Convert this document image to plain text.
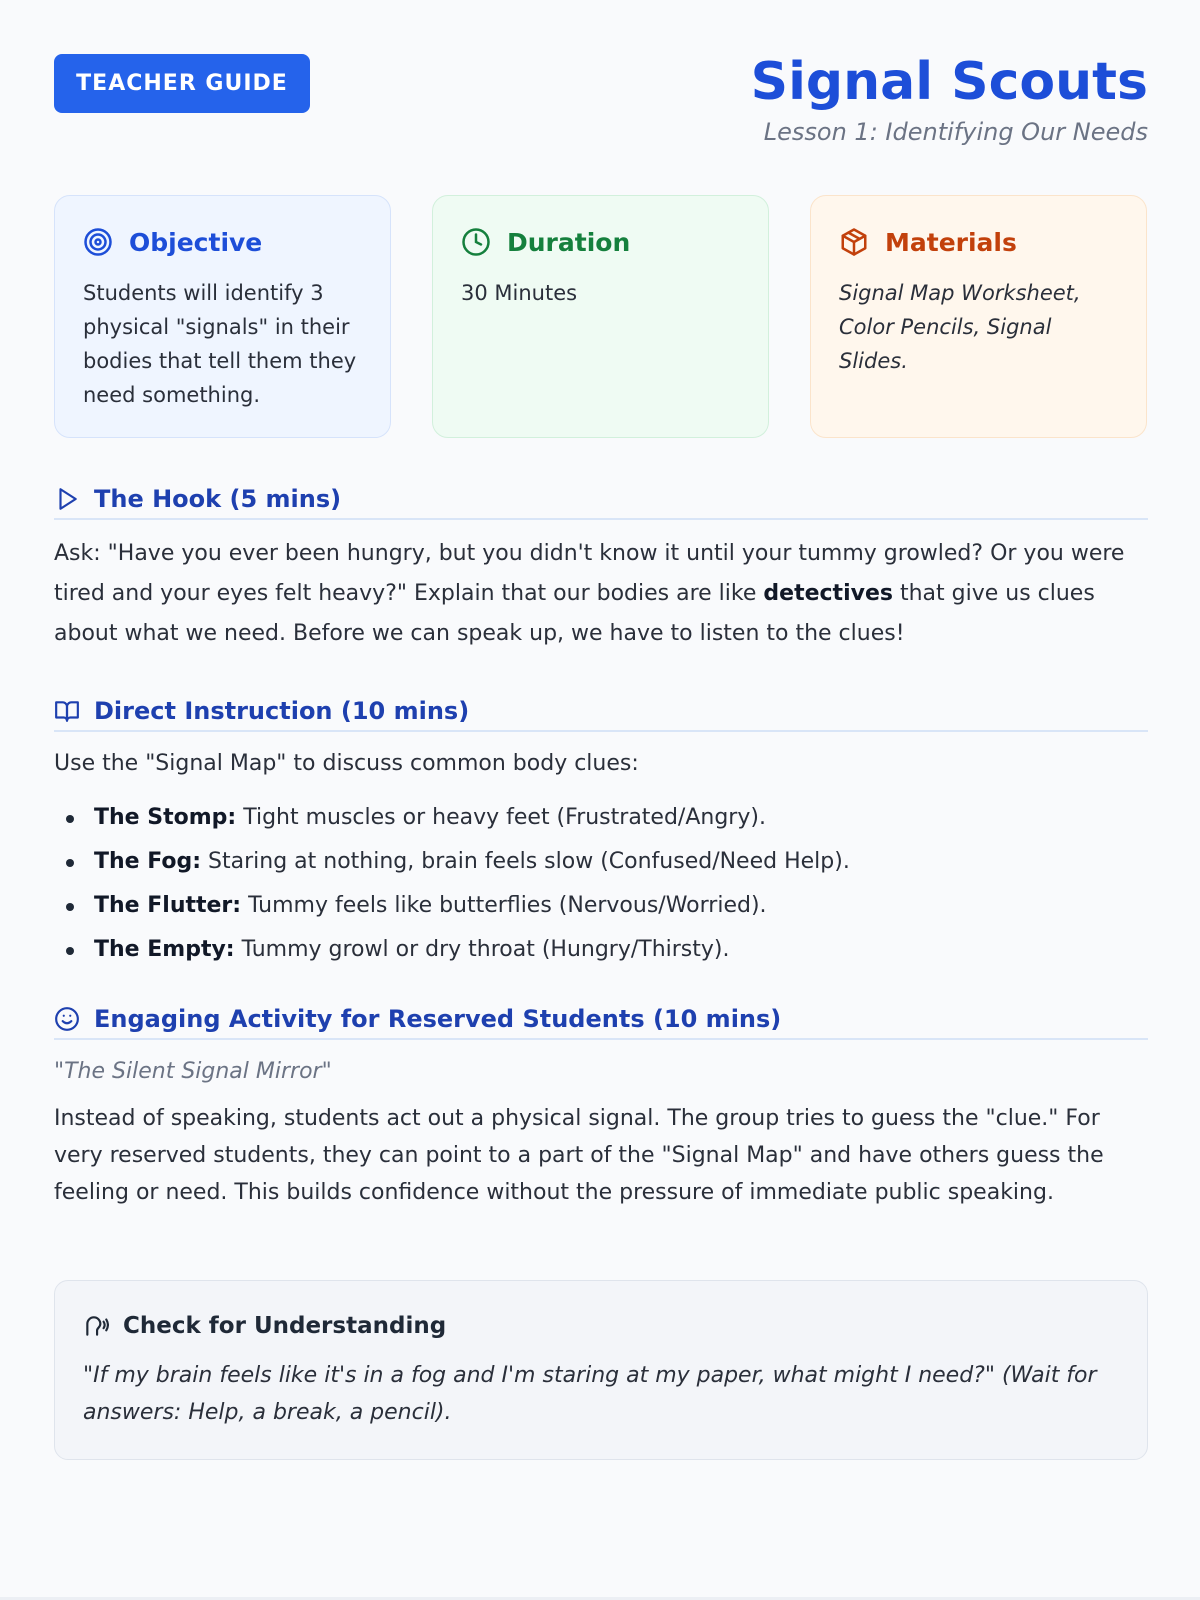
TEACHER GUIDE	Signal Scouts
Lesson 1: Identifying Our Needs
Objective
Students will identify 3 physical "signals" in their bodies that tell them they need something.
Duration
30 Minutes
Materials
Signal Map Worksheet, Color Pencils, Signal Slides.
The Hook (5 mins)

Ask: "Have you ever been hungry, but you didn't know it until your tummy growled? Or you were tired and your eyes felt heavy?" Explain that our bodies are like detectives that give us clues about what we need. Before we can speak up, we have to listen to the clues!

Direct Instruction (10 mins)

Use the "Signal Map" to discuss common body clues:

The Stomp: Tight muscles or heavy feet (Frustrated/Angry).
The Fog: Staring at nothing, brain feels slow (Confused/Need Help).
The Flutter: Tummy feels like butterflies (Nervous/Worried).
The Empty: Tummy growl or dry throat (Hungry/Thirsty).
Engaging Activity for Reserved Students (10 mins)

"The Silent Signal Mirror"

Instead of speaking, students act out a physical signal. The group tries to guess the "clue." For very reserved students, they can point to a part of the "Signal Map" and have others guess the feeling or need. This builds confidence without the pressure of immediate public speaking.

Check for Understanding

"If my brain feels like it's in a fog and I'm staring at my paper, what might I need?" (Wait for answers: Help, a break, a pencil).
